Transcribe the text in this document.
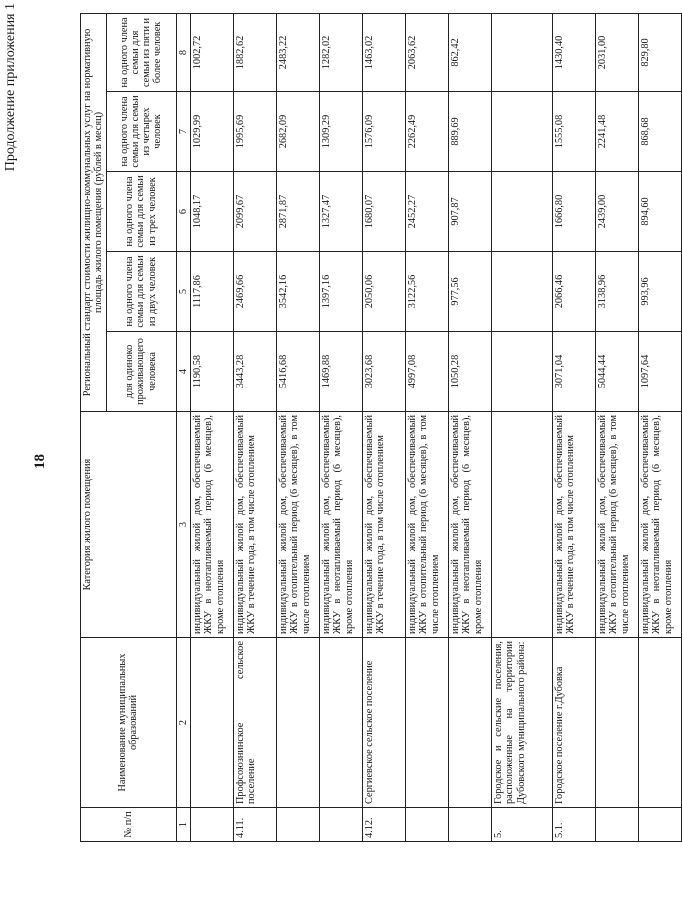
18
Продолжение приложения 1
№ п/п	Наименование муниципальных образований	Категория жилого помещения	Региональный стандарт стоимости жилищно-коммунальных услуг на нормативную площадь жилого помещения (рублей в месяц)				
			для одиноко проживающего человека	на одного члена семьи для семьи из двух человек	на одного члена семьи для семьи из трех человек	на одного члена семьи для семьи из четырех человек	на одного члена семьи для семьи из пяти и более человек
1	2	3	4	5	6	7	8
		индивидуальный жилой дом, обеспечиваемый ЖКУ в неотапливаемый период (6 месяцев), кроме отопления	1190,58	1117,86	1048,17	1029,99	1002,72
4.11.	Профсоюзнинское сельское поселение	индивидуальный жилой дом, обеспечиваемый ЖКУ в течение года, в том числе отоплением	3443,28	2469,66	2099,67	1995,69	1882,62
		индивидуальный жилой дом, обеспечиваемый ЖКУ в отопительный период (6 месяцев), в том числе отоплением	5416,68	3542,16	2871,87	2682,09	2483,22
		индивидуальный жилой дом, обеспечиваемый ЖКУ в неотапливаемый период (6 месяцев), кроме отопления	1469,88	1397,16	1327,47	1309,29	1282,02
4.12.	Сергиевское сельское поселение	индивидуальный жилой дом, обеспечиваемый ЖКУ в течение года, в том числе отоплением	3023,68	2050,06	1680,07	1576,09	1463,02
		индивидуальный жилой дом, обеспечиваемый ЖКУ в отопительный период (6 месяцев), в том числе отоплением	4997,08	3122,56	2452,27	2262,49	2063,62
		индивидуальный жилой дом, обеспечиваемый ЖКУ в неотапливаемый период (6 месяцев), кроме отопления	1050,28	977,56	907,87	889,69	862,42
5.	Городское и сельские поселения, расположенные на территории Дубовского муниципального района:						
5.1.	Городское поселение г.Дубовка	индивидуальный жилой дом, обеспечиваемый ЖКУ в течение года, в том числе отоплением	3071,04	2066,46	1666,80	1555,08	1430,40
		индивидуальный жилой дом, обеспечиваемый ЖКУ в отопительный период (6 месяцев), в том числе отоплением	5044,44	3138,96	2439,00	2241,48	2031,00
		индивидуальный жилой дом, обеспечиваемый ЖКУ в неотапливаемый период (6 месяцев), кроме отопления	1097,64	993,96	894,60	868,68	829,80
